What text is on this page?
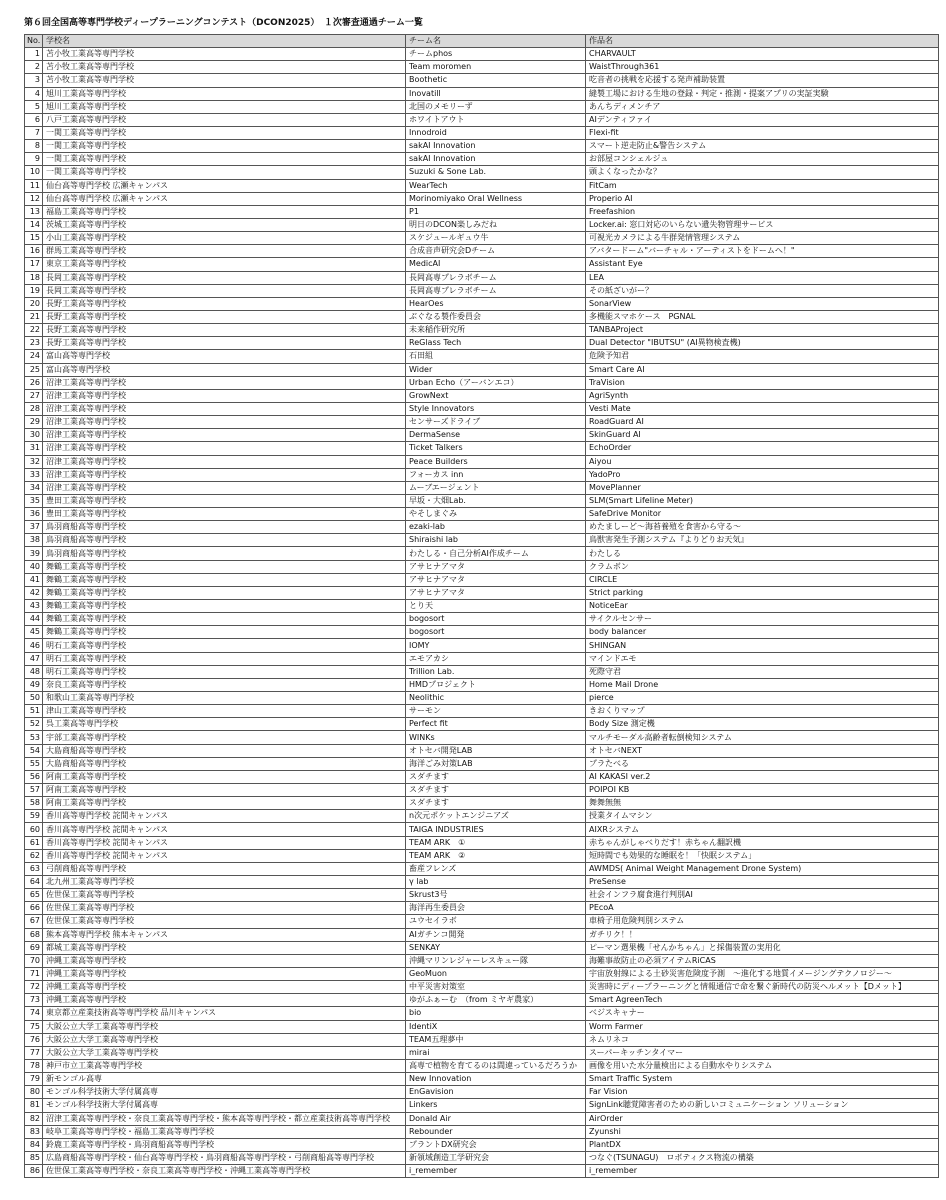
第６回全国高等専門学校ディープラーニングコンテスト（DCON2025）　１次審査通過チーム一覧
No.	学校名	チーム名	作品名
1	苫小牧工業高等専門学校	チームphos	CHARVAULT
2	苫小牧工業高等専門学校	Team moromen	WaistThrough361
3	苫小牧工業高等専門学校	Boothetic	吃音者の挑戦を応援する発声補助装置
4	旭川工業高等専門学校	Inovatill	縫製工場における生地の登録・判定・推測・提案アプリの実証実験
5	旭川工業高等専門学校	北国のメモリーず	あんちディメンチア
6	八戸工業高等専門学校	ホワイトアウト	AIデンティファイ
7	一関工業高等専門学校	Innodroid	Flexi-fit
8	一関工業高等専門学校	sakAI Innovation	スマート逆走防止&警告システム
9	一関工業高等専門学校	sakAI Innovation	お部屋コンシェルジュ
10	一関工業高等専門学校	Suzuki & Sone Lab.	頭よくなったかな？
11	仙台高等専門学校 広瀬キャンパス	WearTech	FitCam
12	仙台高等専門学校 広瀬キャンパス	Morinomiyako Oral Wellness	Properio AI
13	福島工業高等専門学校	P1	Freefashion
14	茨城工業高等専門学校	明日のDCON楽しみだね	Locker.ai: 窓口対応のいらない遺失物管理サービス
15	小山工業高等専門学校	スケジュールギュウ牛	可視光カメラによる牛群発情管理システム
16	群馬工業高等専門学校	合成音声研究会Dチーム	アバタードーム"バーチャル・アーティストをドームへ！"
17	東京工業高等専門学校	MedicAI	Assistant Eye
18	長岡工業高等専門学校	長岡高専プレラボチーム	LEA
19	長岡工業高等専門学校	長岡高専プレラボチーム	その紙ざいがー？
20	長野工業高等専門学校	HearOes	SonarView
21	長野工業高等専門学校	ぶぐなる製作委員会	多機能スマホケース　PGNAL
22	長野工業高等専門学校	未来稲作研究所	TANBAProject
23	長野工業高等専門学校	ReGlass Tech	Dual Detector "IBUTSU" (AI異物検査機)
24	富山高等専門学校	石田組	危険予知君
25	富山高等専門学校	Wider	Smart Care AI
26	沼津工業高等専門学校	Urban Echo（アーバンエコ）	TraVision
27	沼津工業高等専門学校	GrowNext	AgriSynth
28	沼津工業高等専門学校	Style Innovators	Vesti Mate
29	沼津工業高等専門学校	センサーズドライブ	RoadGuard AI
30	沼津工業高等専門学校	DermaSense	SkinGuard AI
31	沼津工業高等専門学校	Ticket Talkers	EchoOrder
32	沼津工業高等専門学校	Peace Builders	Aiyou
33	沼津工業高等専門学校	フォーカス inn	YadoPro
34	沼津工業高等専門学校	ムーブエージェント	MovePlanner
35	豊田工業高等専門学校	早坂・大畑Lab.	SLM(Smart Lifeline Meter)
36	豊田工業高等専門学校	やそしまぐみ	SafeDrive Monitor
37	鳥羽商船高等専門学校	ezaki-lab	めたましーど～海苔養殖を食害から守る～
38	鳥羽商船高等専門学校	Shiraishi lab	鳥獣害発生予測システム『よりどりお天気』
39	鳥羽商船高等専門学校	わたしる・自己分析AI作成チーム	わたしる
40	舞鶴工業高等専門学校	アサヒナアマタ	クラムボン
41	舞鶴工業高等専門学校	アサヒナアマタ	CIRCLE
42	舞鶴工業高等専門学校	アサヒナアマタ	Strict parking
43	舞鶴工業高等専門学校	とり天	NoticeEar
44	舞鶴工業高等専門学校	bogosort	サイクルセンサー
45	舞鶴工業高等専門学校	bogosort	body balancer
46	明石工業高等専門学校	IOMY	SHINGAN
47	明石工業高等専門学校	エモアカシ	マインドエモ
48	明石工業高等専門学校	Trillion Lab.	死際守君
49	奈良工業高等専門学校	HMDプロジェクト	Home Mail Drone
50	和歌山工業高等専門学校	Neolithic	pierce
51	津山工業高等専門学校	サーモン	きおくりマップ
52	呉工業高等専門学校	Perfect fit	Body Size 測定機
53	宇部工業高等専門学校	WINKs	マルチモーダル高齢者転倒検知システム
54	大島商船高等専門学校	オトセバ開発LAB	オトセバNEXT
55	大島商船高等専門学校	海洋ごみ対策LAB	プラたべる
56	阿南工業高等専門学校	スダチます	AI KAKASI ver.2
57	阿南工業高等専門学校	スダチます	POIPOI KB
58	阿南工業高等専門学校	スダチます	舞舞無無
59	香川高等専門学校 詫間キャンパス	n次元ポケットエンジニアズ	授業タイムマシン
60	香川高等専門学校 詫間キャンパス	TAIGA INDUSTRIES	AIXRシステム
61	香川高等専門学校 詫間キャンパス	TEAM ARK　①	赤ちゃんがしゃべりだす！赤ちゃん翻訳機
62	香川高等専門学校 詫間キャンパス	TEAM ARK　②	短時間でも効果的な睡眠を！「快眠システム」
63	弓削商船高等専門学校	畜産フレンズ	AWMDS( Animal Weight Management Drone System)
64	北九州工業高等専門学校	γ lab	PreSense
65	佐世保工業高等専門学校	Skrust3号	社会インフラ腐食進行判別AI
66	佐世保工業高等専門学校	海洋再生委員会	PEcoA
67	佐世保工業高等専門学校	ユウセイラボ	車椅子用危険判別システム
68	熊本高等専門学校 熊本キャンパス	AIガチンコ開発	ガチリク！！
69	都城工業高等専門学校	SENKAY	ピーマン選果機「せんかちゃん」と採傷装置の実用化
70	沖縄工業高等専門学校	沖縄マリンレジャーレスキュー隊	海難事故防止の必須アイテムRiCAS
71	沖縄工業高等専門学校	GeoMuon	宇宙放射線による土砂災害危険度予測　～進化する地質イメージングテクノロジー～
72	沖縄工業高等専門学校	中平災害対策室	災害時にディープラーニングと情報通信で命を繋ぐ新時代の防災ヘルメット【Dメット】
73	沖縄工業高等専門学校	ゆがふぁーむ　（from ミヤギ農家）	Smart AgreenTech
74	東京都立産業技術高等専門学校 品川キャンパス	bio	ベジスキャナー
75	大阪公立大学工業高等専門学校	IdentiX	Worm Farmer
76	大阪公立大学工業高等専門学校	TEAM五理夢中	ネムリネコ
77	大阪公立大学工業高等専門学校	mirai	スーパーキッチンタイマー
78	神戸市立工業高等専門学校	高専で植物を育てるのは間違っているだろうか	画像を用いた水分量検出による自動水やりシステム
79	新モンゴル高専	New Innovation	Smart Traffic System
80	モンゴル科学技術大学付属高専	EnGavision	Far Vision
81	モンゴル科学技術大学付属高専	Linkers	SignLink聴覚障害者のための新しいコミュニケーション ソリューション
82	沼津工業高等専門学校・奈良工業高等専門学校・熊本高等専門学校・都立産業技術高等専門学校	Donald Air	AirOrder
83	岐阜工業高等専門学校・福島工業高等専門学校	Rebounder	Zyunshi
84	鈴鹿工業高等専門学校・鳥羽商船高等専門学校	プラントDX研究会	PlantDX
85	広島商船高等専門学校・仙台高等専門学校・鳥羽商船高等専門学校・弓削商船高等専門学校	新領域創造工学研究会	つなぐ(TSUNAGU)　ロボティクス物流の構築
86	佐世保工業高等専門学校・奈良工業高等専門学校・沖縄工業高等専門学校	i_remember	i_remember
